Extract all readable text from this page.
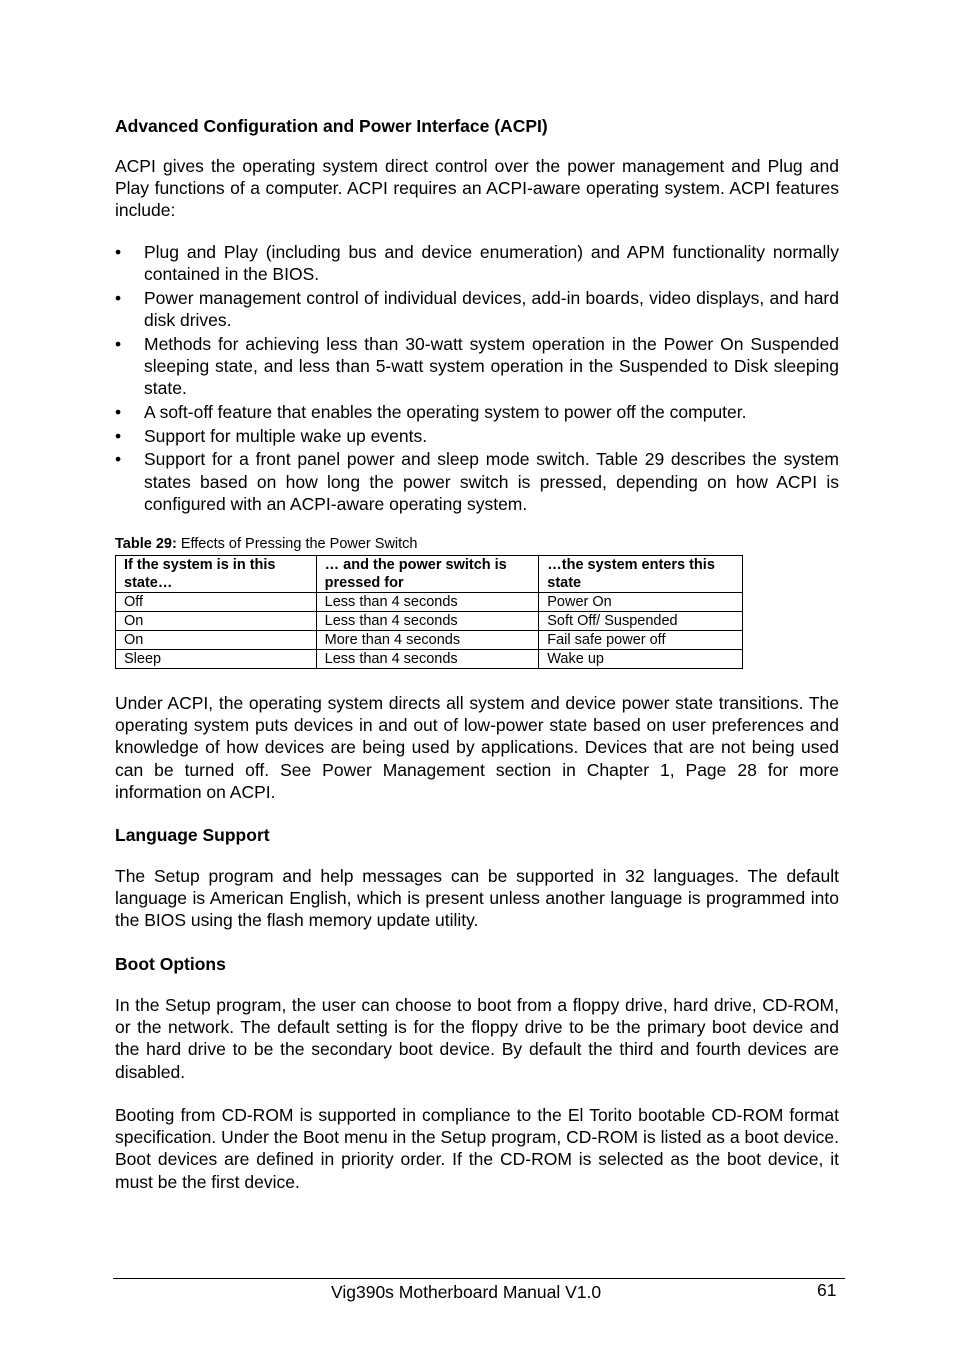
Advanced Configuration and Power Interface (ACPI)

ACPI gives the operating system direct control over the power management and Plug and Play functions of a computer. ACPI requires an ACPI-aware operating system. ACPI features include:

• Plug and Play (including bus and device enumeration) and APM functionality normally contained in the BIOS.
• Power management control of individual devices, add-in boards, video displays, and hard disk drives.
• Methods for achieving less than 30-watt system operation in the Power On Suspended sleeping state, and less than 5-watt system operation in the Suspended to Disk sleeping state.
• A soft-off feature that enables the operating system to power off the computer.
• Support for multiple wake up events.
• Support for a front panel power and sleep mode switch. Table 29 describes the system states based on how long the power switch is pressed, depending on how ACPI is configured with an ACPI-aware operating system.
Table 29: Effects of Pressing the Power Switch
If the system is in this state…	… and the power switch is pressed for	…the system enters this state
Off	Less than 4 seconds	Power On
On	Less than 4 seconds	Soft Off/ Suspended
On	More than 4 seconds	Fail safe power off
Sleep	Less than 4 seconds	Wake up

Under ACPI, the operating system directs all system and device power state transitions. The operating system puts devices in and out of low-power state based on user preferences and knowledge of how devices are being used by applications. Devices that are not being used can be turned off. See Power Management section in Chapter 1, Page 28 for more information on ACPI.

Language Support

The Setup program and help messages can be supported in 32 languages. The default language is American English, which is present unless another language is programmed into the BIOS using the flash memory update utility.

Boot Options

In the Setup program, the user can choose to boot from a floppy drive, hard drive, CD-ROM, or the network. The default setting is for the floppy drive to be the primary boot device and the hard drive to be the secondary boot device. By default the third and fourth devices are disabled.

Booting from CD-ROM is supported in compliance to the El Torito bootable CD-ROM format specification. Under the Boot menu in the Setup program, CD-ROM is listed as a boot device. Boot devices are defined in priority order. If the CD-ROM is selected as the boot device, it must be the first device.

Vig390s Motherboard Manual V1.0	61
